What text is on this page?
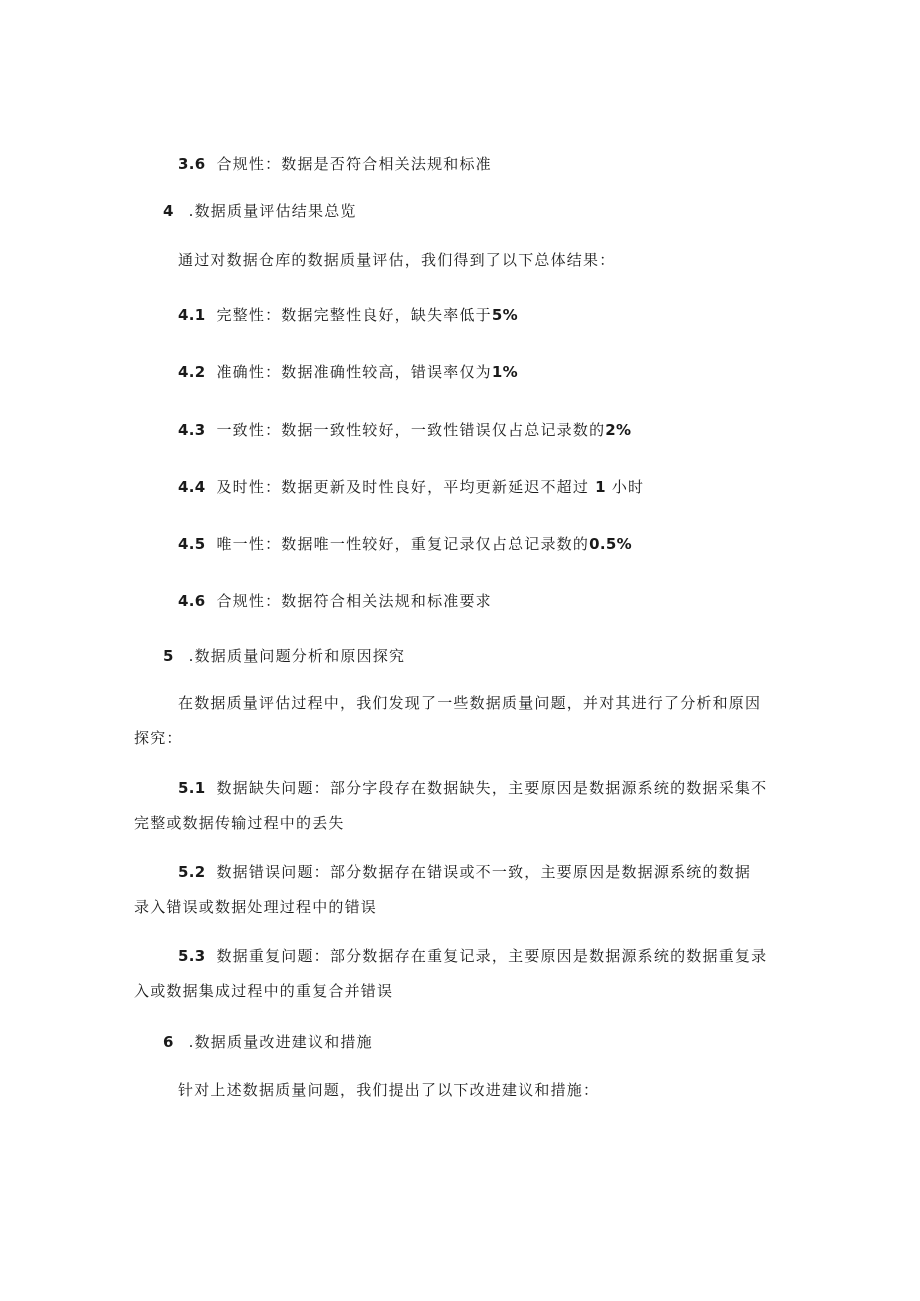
3.6 合规性：数据是否符合相关法规和标准
4 .数据质量评估结果总览
通过对数据仓库的数据质量评估，我们得到了以下总体结果：
4.1 完整性：数据完整性良好，缺失率低于5%
4.2 准确性：数据准确性较高，错误率仅为1%
4.3 一致性：数据一致性较好，一致性错误仅占总记录数的2%
4.4 及时性：数据更新及时性良好，平均更新延迟不超过 1 小时
4.5 唯一性：数据唯一性较好，重复记录仅占总记录数的0.5%
4.6 合规性：数据符合相关法规和标准要求
5 .数据质量问题分析和原因探究
在数据质量评估过程中，我们发现了一些数据质量问题，并对其进行了分析和原因
探究：
5.1 数据缺失问题：部分字段存在数据缺失，主要原因是数据源系统的数据采集不
完整或数据传输过程中的丢失
5.2 数据错误问题：部分数据存在错误或不一致，主要原因是数据源系统的数据
录入错误或数据处理过程中的错误
5.3 数据重复问题：部分数据存在重复记录，主要原因是数据源系统的数据重复录
入或数据集成过程中的重复合并错误
6 .数据质量改进建议和措施
针对上述数据质量问题，我们提出了以下改进建议和措施：
